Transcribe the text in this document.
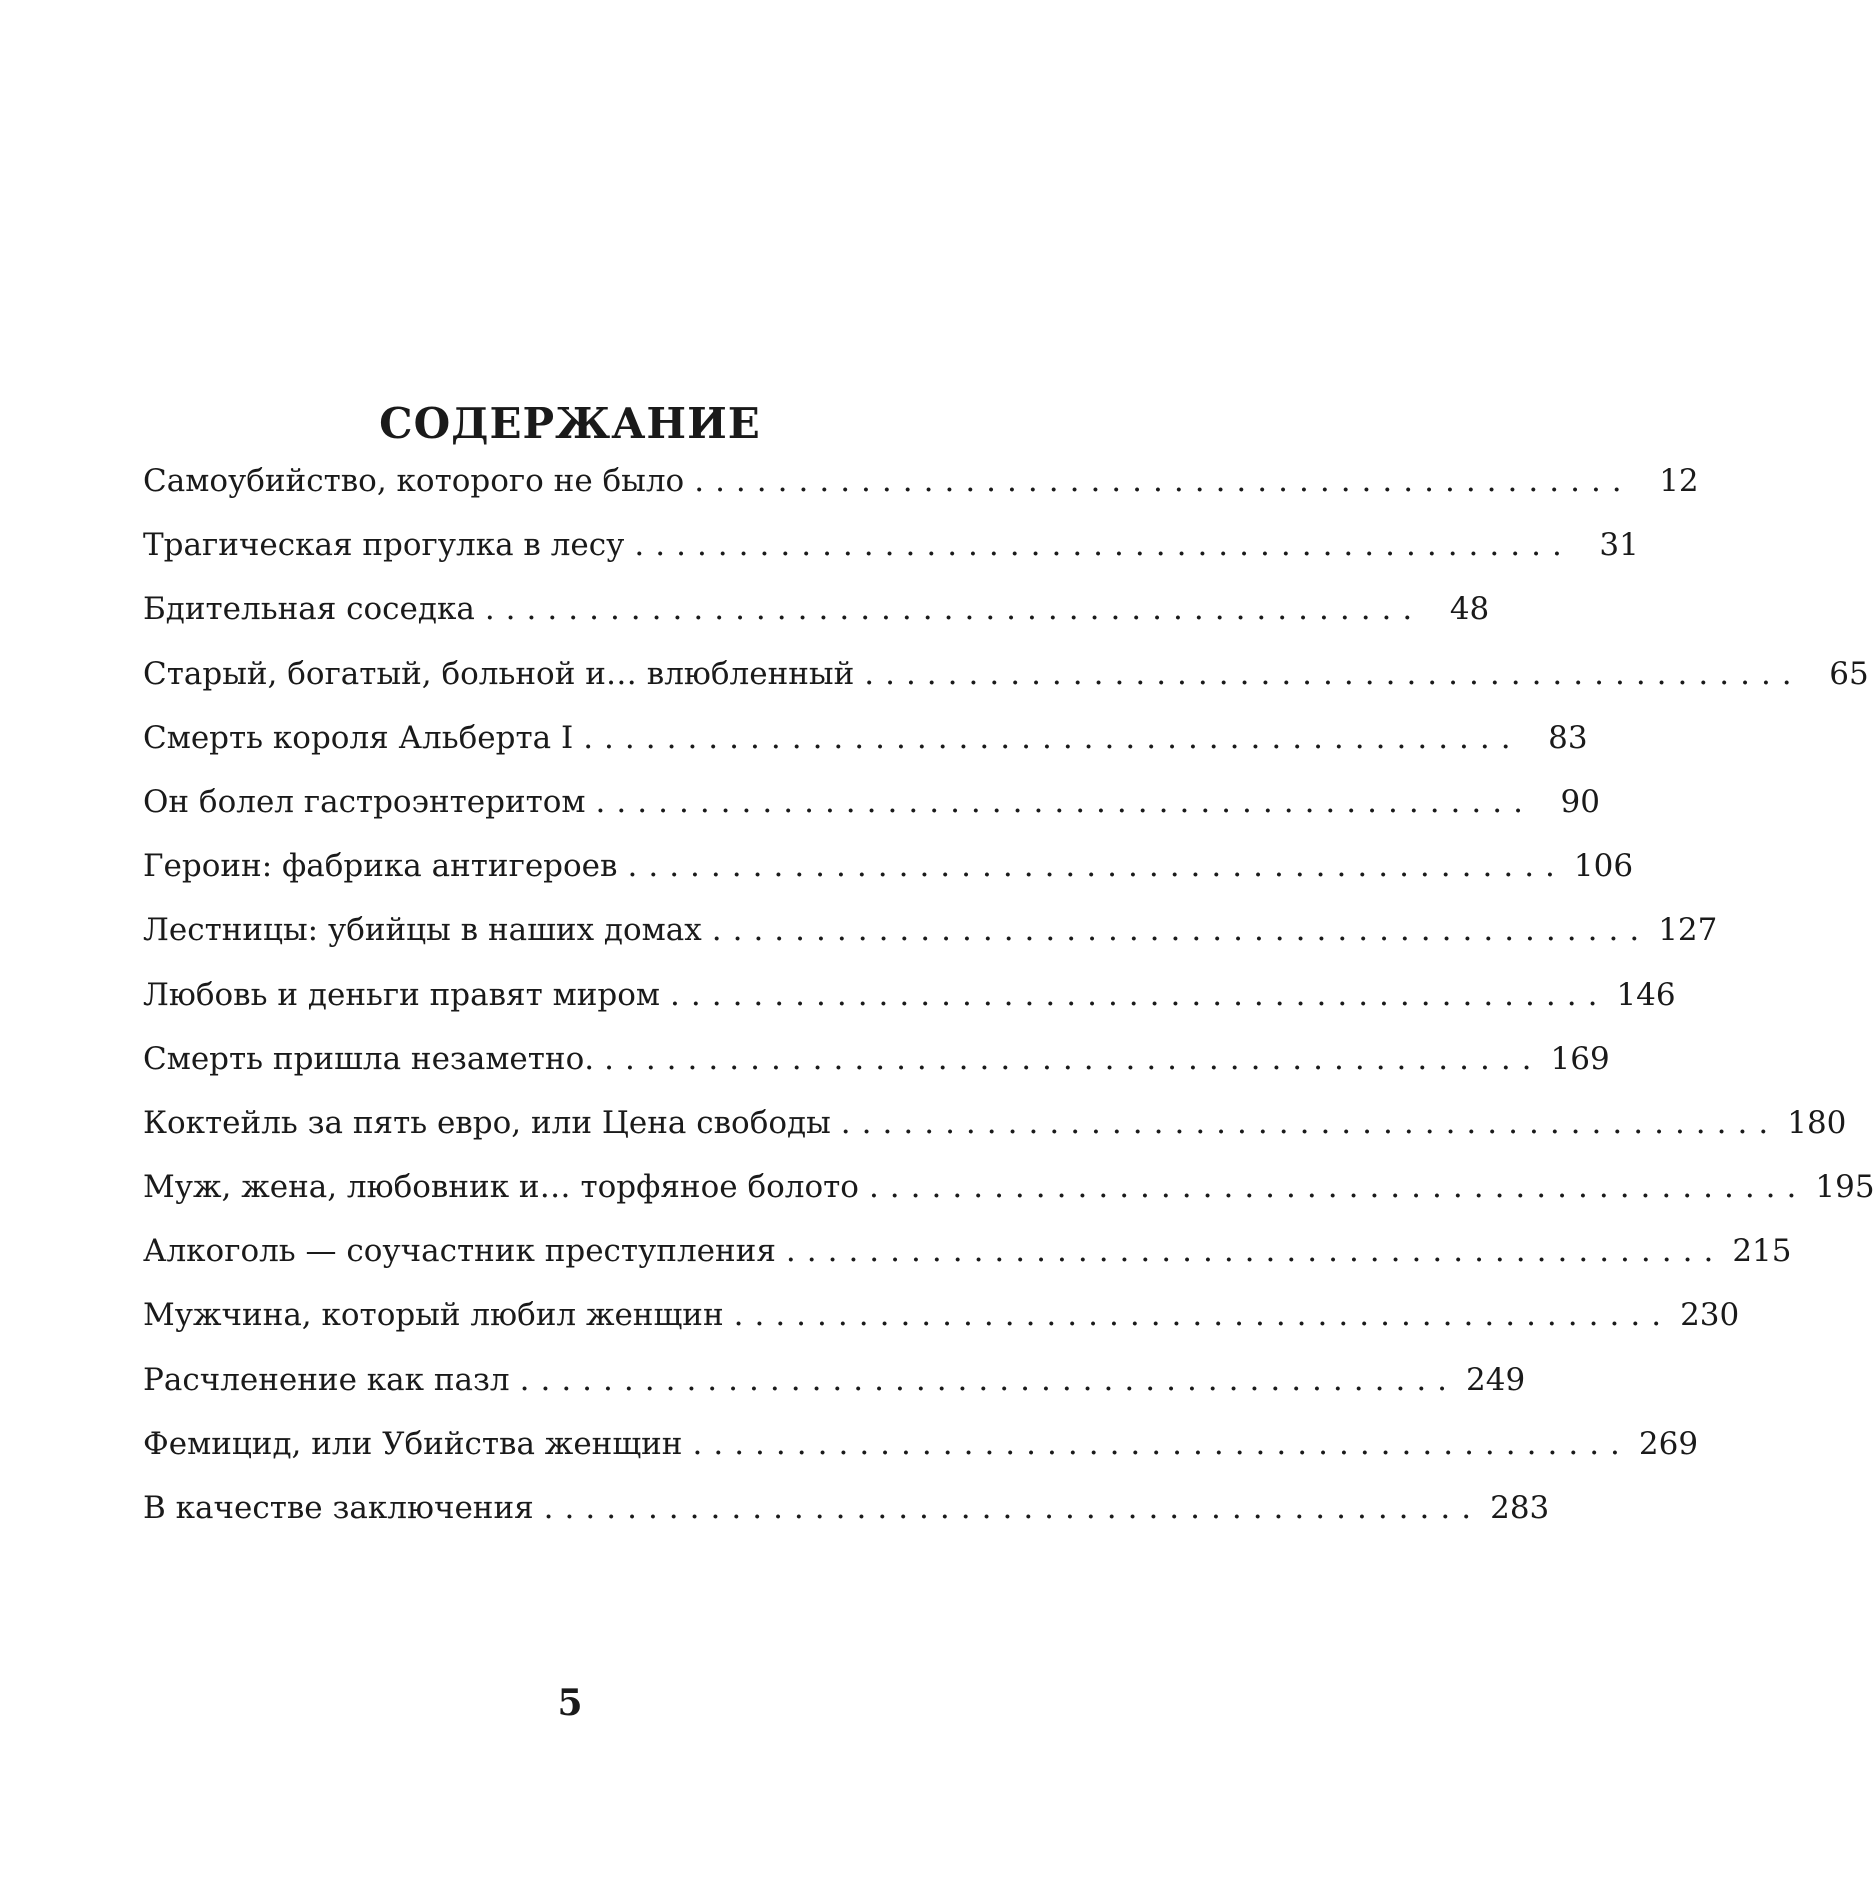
СОДЕРЖАНИЕ
Самоубийство, которого не было ............................................. 12
Трагическая прогулка в лесу ............................................. 31
Бдительная соседка ............................................. 48
Старый, богатый, больной и… влюбленный ............................................. 65
Смерть короля Альберта I ............................................. 83
Он болел гастроэнтеритом ............................................. 90
Героин: фабрика антигероев ............................................. 106
Лестницы: убийцы в наших домах ............................................. 127
Любовь и деньги правят миром ............................................. 146
Смерть пришла незаметно. ............................................. 169
Коктейль за пять евро, или Цена свободы ............................................. 180
Муж, жена, любовник и… торфяное болото ............................................. 195
Алкоголь — соучастник преступления ............................................. 215
Мужчина, который любил женщин ............................................. 230
Расчленение как пазл ............................................. 249
Фемицид, или Убийства женщин ............................................. 269
В качестве заключения ............................................. 283
5
